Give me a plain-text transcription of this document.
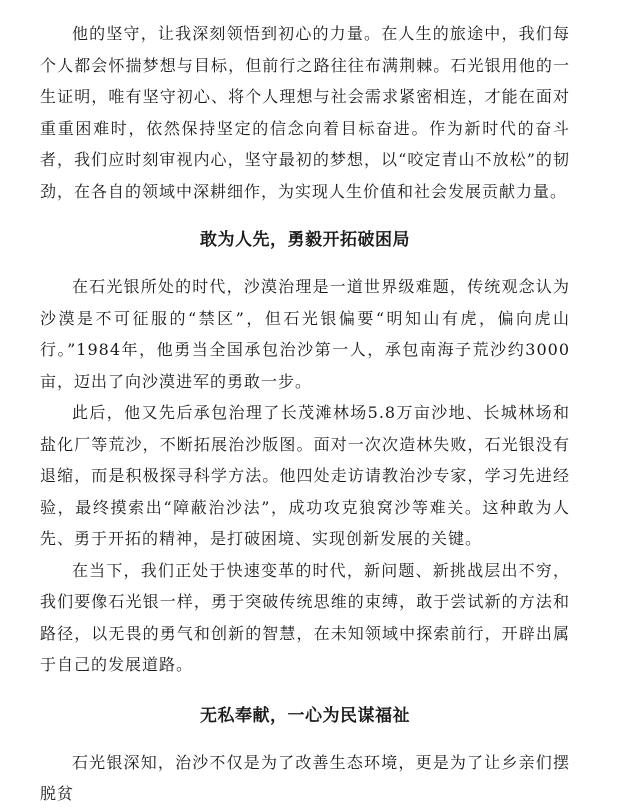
他的坚守，让我深刻领悟到初心的力量。在人生的旅途中，我们每个人都会怀揣梦想与目标，但前行之路往往布满荆棘。石光银用他的一生证明，唯有坚守初心、将个人理想与社会需求紧密相连，才能在面对重重困难时，依然保持坚定的信念向着目标奋进。作为新时代的奋斗者，我们应时刻审视内心，坚守最初的梦想，以“咬定青山不放松”的韧劲，在各自的领域中深耕细作，为实现人生价值和社会发展贡献力量。

敢为人先，勇毅开拓破困局

在石光银所处的时代，沙漠治理是一道世界级难题，传统观念认为沙漠是不可征服的“禁区”，但石光银偏要“明知山有虎，偏向虎山行。”1984年，他勇当全国承包治沙第一人，承包南海子荒沙约3000亩，迈出了向沙漠进军的勇敢一步。

此后，他又先后承包治理了长茂滩林场5.8万亩沙地、长城林场和盐化厂等荒沙，不断拓展治沙版图。面对一次次造林失败，石光银没有退缩，而是积极探寻科学方法。他四处走访请教治沙专家，学习先进经验，最终摸索出“障蔽治沙法”，成功攻克狼窝沙等难关。这种敢为人先、勇于开拓的精神，是打破困境、实现创新发展的关键。

在当下，我们正处于快速变革的时代，新问题、新挑战层出不穷，我们要像石光银一样，勇于突破传统思维的束缚，敢于尝试新的方法和路径，以无畏的勇气和创新的智慧，在未知领域中探索前行，开辟出属于自己的发展道路。

无私奉献，一心为民谋福祉

石光银深知，治沙不仅是为了改善生态环境，更是为了让乡亲们摆脱贫
